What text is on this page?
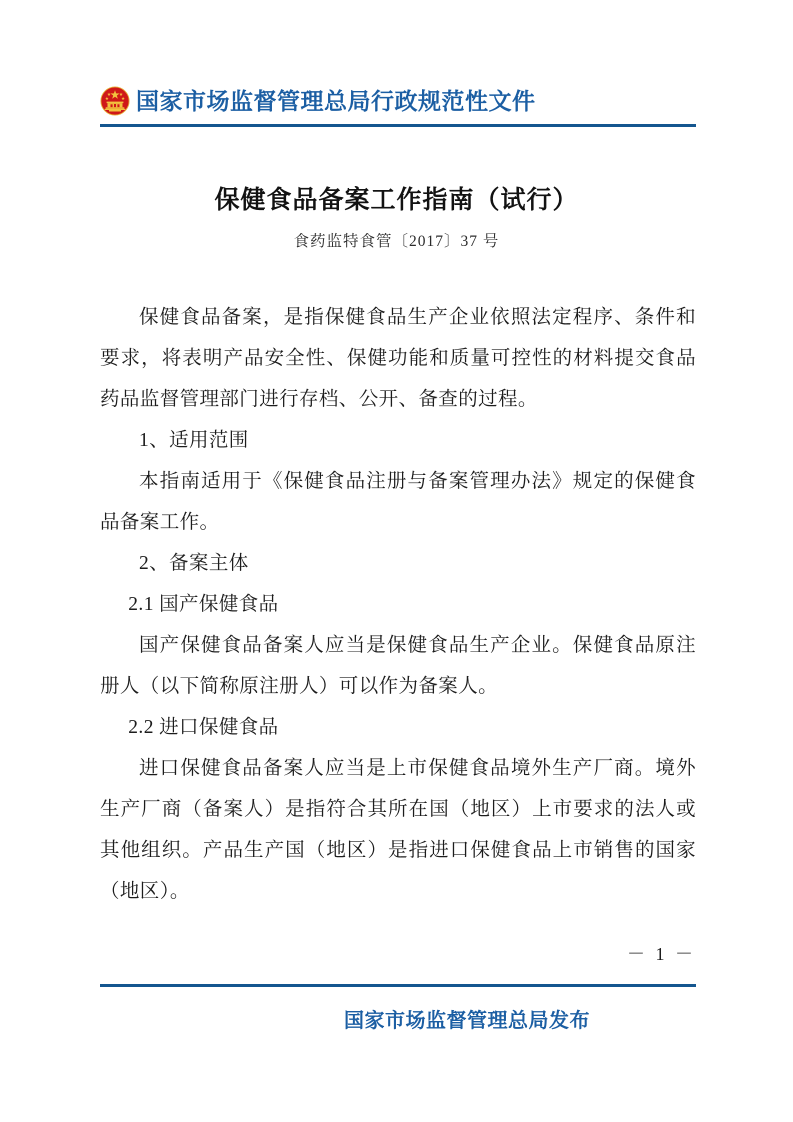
国家市场监督管理总局行政规范性文件
保健食品备案工作指南（试行）
食药监特食管〔2017〕37 号

保健食品备案，是指保健食品生产企业依照法定程序、条件和要求，将表明产品安全性、保健功能和质量可控性的材料提交食品药品监督管理部门进行存档、公开、备查的过程。

1、适用范围

本指南适用于《保健食品注册与备案管理办法》规定的保健食品备案工作。

2、备案主体

2.1 国产保健食品

国产保健食品备案人应当是保健食品生产企业。保健食品原注册人（以下简称原注册人）可以作为备案人。

2.2 进口保健食品

进口保健食品备案人应当是上市保健食品境外生产厂商。境外生产厂商（备案人）是指符合其所在国（地区）上市要求的法人或其他组织。产品生产国（地区）是指进口保健食品上市销售的国家（地区）。

－ 1 －
国家市场监督管理总局发布
